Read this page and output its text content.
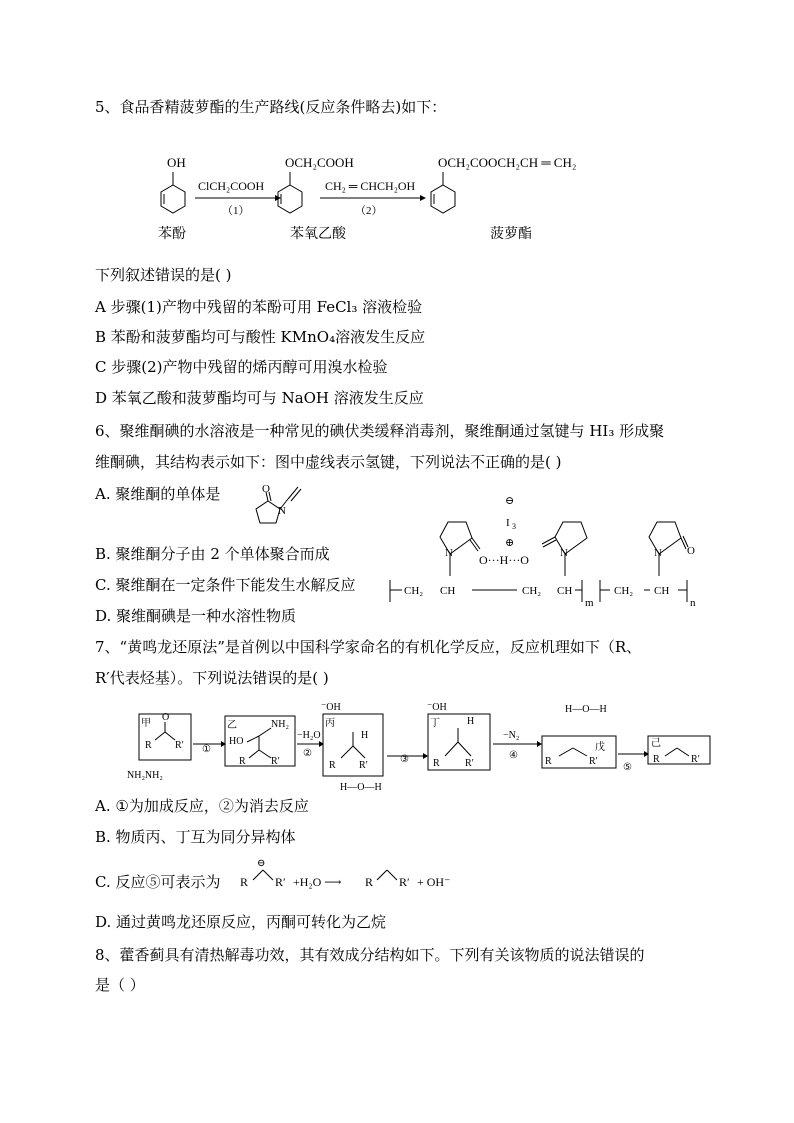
5、食品香精菠萝酯的生产路线(反应条件略去)如下：
OH
ClCH₂COOH
（1）
OCH₂COOH
CH₂ ═ CHCH₂OH
（2）
OCH₂COOCH₂CH ═ CH₂
苯酚	苯氧乙酸	菠萝酯
下列叙述错误的是( )
A 步骤(1)产物中残留的苯酚可用 FeCl₃ 溶液检验
B 苯酚和菠萝酯均可与酸性 KMnO₄溶液发生反应
C 步骤(2)产物中残留的烯丙醇可用溴水检验
D 苯氧乙酸和菠萝酯均可与 NaOH 溶液发生反应
6、聚维酮碘的水溶液是一种常见的碘伏类缓释消毒剂，聚维酮通过氢键与 HI₃ 形成聚
维酮碘，其结构表示如下：图中虚线表示氢键，下列说法不正确的是( )
A. 聚维酮的单体是	O
N
B. 聚维酮分子由 2 个单体聚合而成
C. 聚维酮在一定条件下能发生水解反应
D. 聚维酮碘是一种水溶性物质
⊖
I 3
⊕
O···H···O
N	N	N O
CH₂ CH	CH₂ CH
m
CH₂ CH
n
7、“黄鸣龙还原法”是首例以中国科学家命名的有机化学反应，反应机理如下（R、
R′代表烃基）。下列说法错误的是( )
甲
O
R R′
NH₂NH₂
①
乙
HO
NH₂
R	R′
−H₂O
②
⁻OH
丙
H
R R′
H—O—H
③
⁻OH
丁	H
R	R′
−N₂
④
H—O—H
戊
R	R′
⑤
己
R	R′
A. ①为加成反应，②为消去反应
B. 物质丙、丁互为同分异构体
C. 反应⑤可表示为
⊖
R R′ +H₂O ⟶ R R′ + OH⁻
D. 通过黄鸣龙还原反应，丙酮可转化为乙烷
8、藿香蓟具有清热解毒功效，其有效成分结构如下。下列有关该物质的说法错误的
是（ ）
